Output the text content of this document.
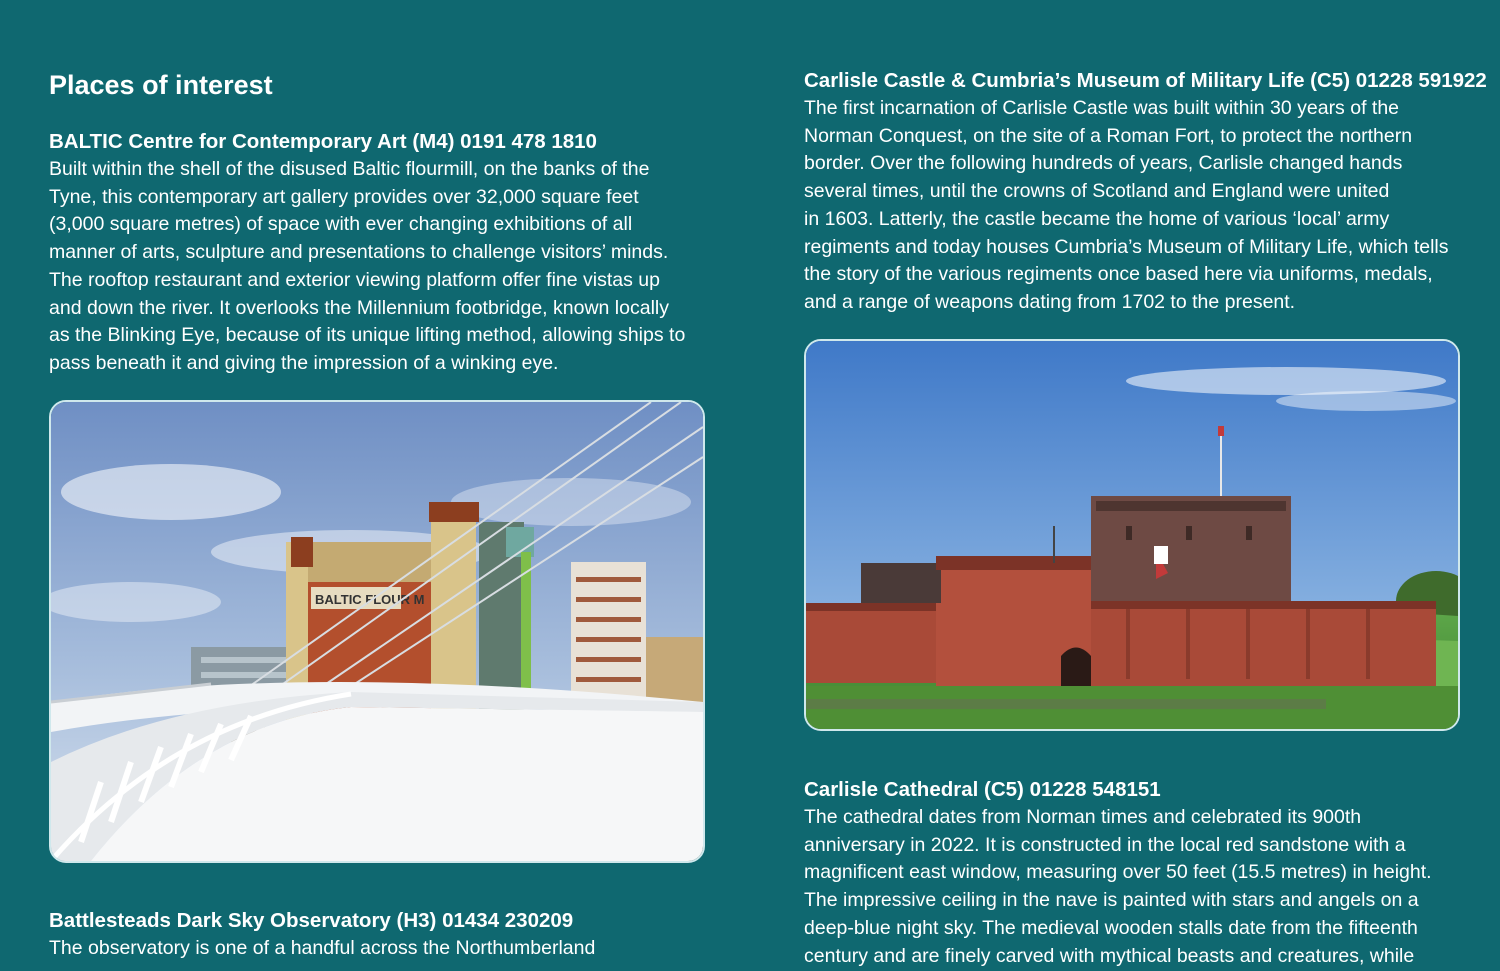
Places of interest
BALTIC Centre for Contemporary Art (M4) 0191 478 1810

Built within the shell of the disused Baltic flourmill, on the banks of the
Tyne, this contemporary art gallery provides over 32,000 square feet
(3,000 square metres) of space with ever changing exhibitions of all
manner of arts, sculpture and presentations to challenge visitors’ minds.
The rooftop restaurant and exterior viewing platform offer fine vistas up
and down the river. It overlooks the Millennium footbridge, known locally
as the Blinking Eye, because of its unique lifting method, allowing ships to
pass beneath it and giving the impression of a winking eye.

BALTIC FLOUR M
Battlesteads Dark Sky Observatory (H3) 01434 230209

The observatory is one of a handful across the Northumberland

Carlisle Castle & Cumbria’s Museum of Military Life (C5) 01228 591922

The first incarnation of Carlisle Castle was built within 30 years of the
Norman Conquest, on the site of a Roman Fort, to protect the northern
border. Over the following hundreds of years, Carlisle changed hands
several times, until the crowns of Scotland and England were united
in 1603. Latterly, the castle became the home of various ‘local’ army
regiments and today houses Cumbria’s Museum of Military Life, which tells
the story of the various regiments once based here via uniforms, medals,
and a range of weapons dating from 1702 to the present.

Carlisle Cathedral (C5) 01228 548151

The cathedral dates from Norman times and celebrated its 900th
anniversary in 2022. It is constructed in the local red sandstone with a
magnificent east window, measuring over 50 feet (15.5 metres) in height.
The impressive ceiling in the nave is painted with stars and angels on a
deep-blue night sky. The medieval wooden stalls date from the fifteenth
century and are finely carved with mythical beasts and creatures, while
